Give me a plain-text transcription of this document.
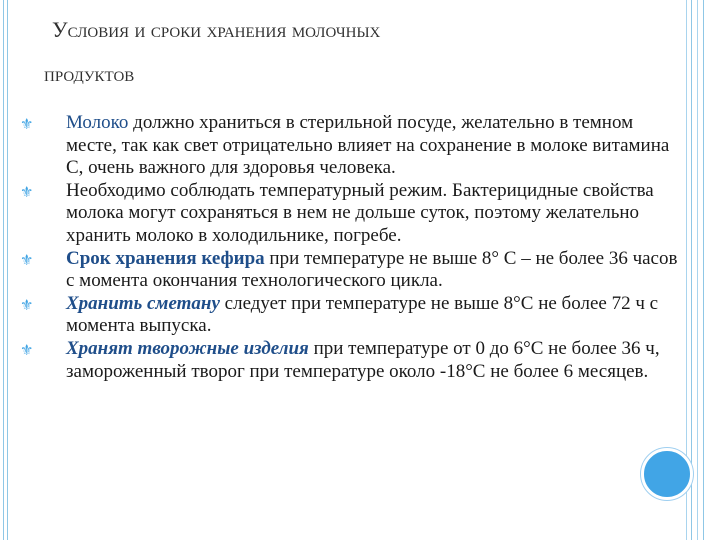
Условия и сроки хранения молочных
продуктов
⚜ Молоко должно храниться в стерильной посуде, желательно в темном месте, так как свет отрицательно влияет на сохранение в молоке витамина С, очень важного для здоровья человека.
⚜ Необходимо соблюдать температурный режим. Бактерицидные свойства молока могут сохраняться в нем не дольше суток, поэтому желательно хранить молоко в холодильнике, погребе.
⚜ Срок хранения кефира при температуре не выше 8° С – не более 36 часов с момента окончания технологического цикла.
⚜ Хранить сметану следует при температуре не выше 8°С не более 72 ч с момента выпуска.
⚜ Хранят творожные изделия при температуре от 0 до 6°С не более 36 ч, замороженный творог при температуре около -18°С не более 6 месяцев.
